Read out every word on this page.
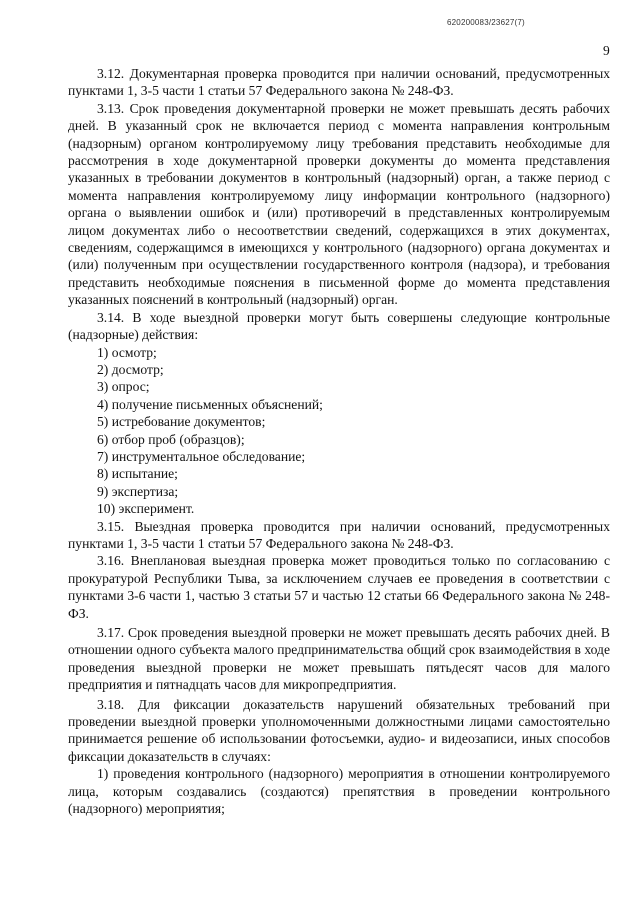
620200083/23627(7)
9

3.12. Документарная проверка проводится при наличии оснований, предусмотренных пунктами 1, 3-5 части 1 статьи 57 Федерального закона № 248-ФЗ.

3.13. Срок проведения документарной проверки не может превышать десять рабочих дней. В указанный срок не включается период с момента направления контрольным (надзорным) органом контролируемому лицу требования представить необходимые для рассмотрения в ходе документарной проверки документы до момента представления указанных в требовании документов в контрольный (надзорный) орган, а также период с момента направления контролируемому лицу информации контрольного (надзорного) органа о выявлении ошибок и (или) противоречий в представленных контролируемым лицом документах либо о несоответствии сведений, содержащихся в этих документах, сведениям, содержащимся в имеющихся у контрольного (надзорного) органа документах и (или) полученным при осуществлении государственного контроля (надзора), и требования представить необходимые пояснения в письменной форме до момента представления указанных пояснений в контрольный (надзорный) орган.

3.14. В ходе выездной проверки могут быть совершены следующие контрольные (надзорные) действия:

1) осмотр;

2) досмотр;

3) опрос;

4) получение письменных объяснений;

5) истребование документов;

6) отбор проб (образцов);

7) инструментальное обследование;

8) испытание;

9) экспертиза;

10) эксперимент.

3.15. Выездная проверка проводится при наличии оснований, предусмотренных пунктами 1, 3-5 части 1 статьи 57 Федерального закона № 248-ФЗ.

3.16. Внеплановая выездная проверка может проводиться только по согласованию с прокуратурой Республики Тыва, за исключением случаев ее проведения в соответствии с пунктами 3-6 части 1, частью 3 статьи 57 и частью 12 статьи 66 Федерального закона № 248-ФЗ.

3.17. Срок проведения выездной проверки не может превышать десять рабочих дней. В отношении одного субъекта малого предпринимательства общий срок взаимодействия в ходе проведения выездной проверки не может превышать пятьдесят часов для малого предприятия и пятнадцать часов для микропредприятия.

3.18. Для фиксации доказательств нарушений обязательных требований при проведении выездной проверки уполномоченными должностными лицами самостоятельно принимается решение об использовании фотосъемки, аудио- и видеозаписи, иных способов фиксации доказательств в случаях:

1) проведения контрольного (надзорного) мероприятия в отношении контролируемого лица, которым создавались (создаются) препятствия в проведении контрольного (надзорного) мероприятия;
